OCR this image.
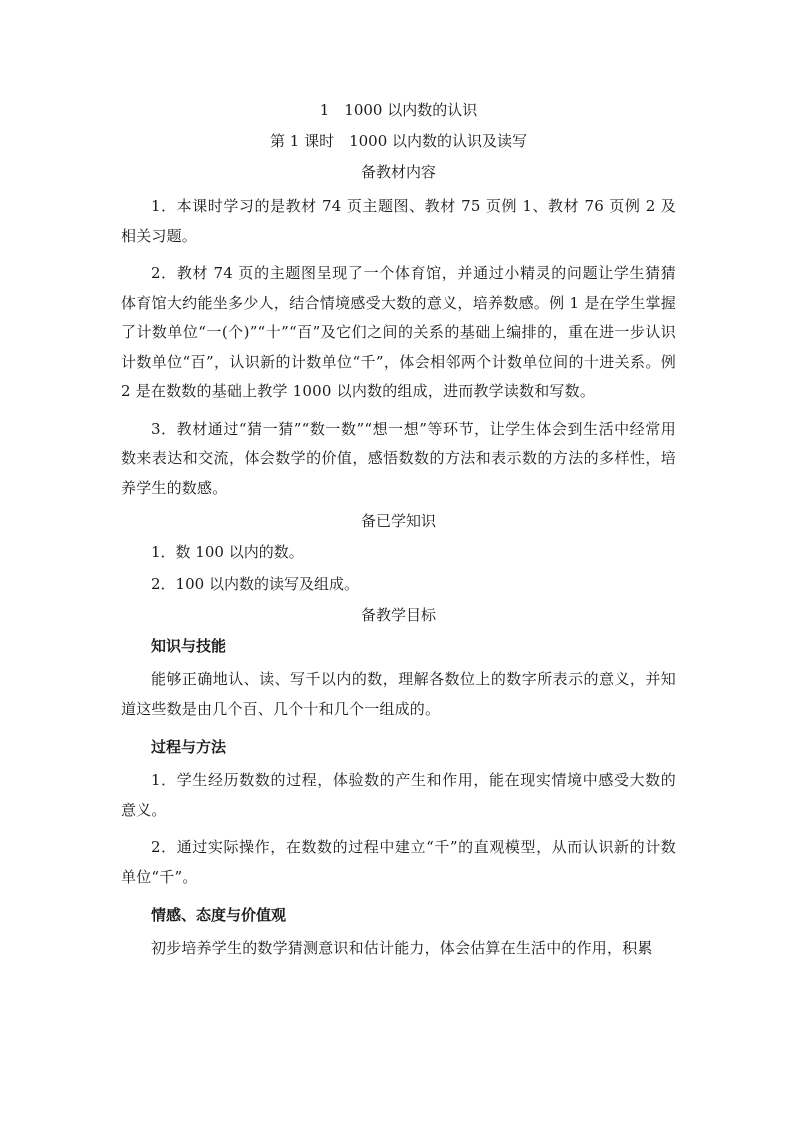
1　1000 以内数的认识
第 1 课时　1000 以内数的认识及读写
备教材内容

1．本课时学习的是教材 74 页主题图、教材 75 页例 1、教材 76 页例 2 及相关习题。

2．教材 74 页的主题图呈现了一个体育馆，并通过小精灵的问题让学生猜猜体育馆大约能坐多少人，结合情境感受大数的意义，培养数感。例 1 是在学生掌握了计数单位“一(个)”“十”“百”及它们之间的关系的基础上编排的，重在进一步认识计数单位“百”，认识新的计数单位“千”，体会相邻两个计数单位间的十进关系。例 2 是在数数的基础上教学 1000 以内数的组成，进而教学读数和写数。

3．教材通过“猜一猜”“数一数”“想一想”等环节，让学生体会到生活中经常用数来表达和交流，体会数学的价值，感悟数数的方法和表示数的方法的多样性，培养学生的数感。

备已学知识

1．数 100 以内的数。

2．100 以内数的读写及组成。

备教学目标
知识与技能

能够正确地认、读、写千以内的数，理解各数位上的数字所表示的意义，并知道这些数是由几个百、几个十和几个一组成的。

过程与方法

1．学生经历数数的过程，体验数的产生和作用，能在现实情境中感受大数的意义。

2．通过实际操作，在数数的过程中建立“千”的直观模型，从而认识新的计数单位“千”。

情感、态度与价值观

初步培养学生的数学猜测意识和估计能力，体会估算在生活中的作用，积累
